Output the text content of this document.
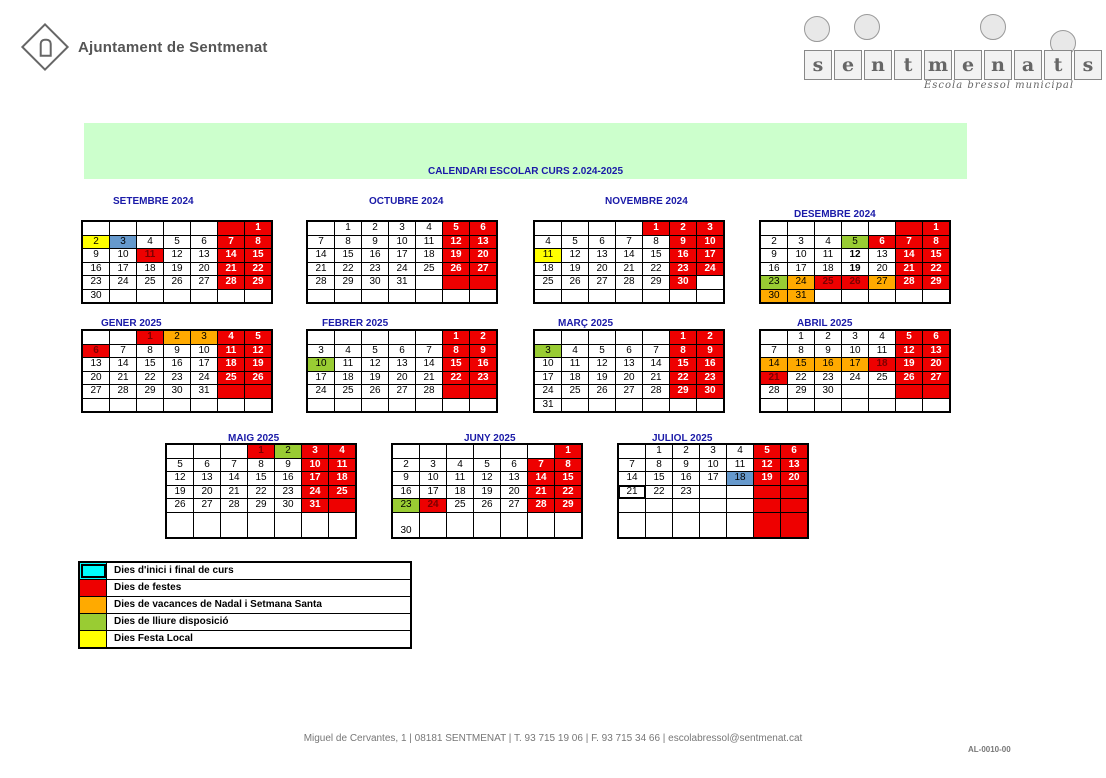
Ajuntament de Sentmenat
s e n t m e n a	t	s
Escola bressol municipal
CALENDARI ESCOLAR CURS 2.024-2025
SETEMBRE 2024
						1
2	3	4	5	6	7	8
9	10	11	12	13	14	15
16	17	18	19	20	21	22
23	24	25	26	27	28	29
30						
OCTUBRE 2024
	1	2	3	4	5	6
7	8	9	10	11	12	13
14	15	16	17	18	19	20
21	22	23	24	25	26	27
28	29	30	31			

NOVEMBRE 2024
				1	2	3
4	5	6	7	8	9	10
11	12	13	14	15	16	17
18	19	20	21	22	23	24
25	26	27	28	29	30	

DESEMBRE 2024
						1
2	3	4	5	6	7	8
9	10	11	12	13	14	15
16	17	18	19	20	21	22
23	24	25	26	27	28	29
30	31					
GENER 2025
		1	2	3	4	5
6	7	8	9	10	11	12
13	14	15	16	17	18	19
20	21	22	23	24	25	26
27	28	29	30	31		

FEBRER 2025
					1	2
3	4	5	6	7	8	9
10	11	12	13	14	15	16
17	18	19	20	21	22	23
24	25	26	27	28		

MARÇ 2025
					1	2
3	4	5	6	7	8	9
10	11	12	13	14	15	16
17	18	19	20	21	22	23
24	25	26	27	28	29	30
31						
ABRIL 2025
	1	2	3	4	5	6
7	8	9	10	11	12	13
14	15	16	17	18	19	20
21	22	23	24	25	26	27
28	29	30				

MAIG 2025
			1	2	3	4
5	6	7	8	9	10	11
12	13	14	15	16	17	18
19	20	21	22	23	24	25
26	27	28	29	30	31	

JUNY 2025
						1
2	3	4	5	6	7	8
9	10	11	12	13	14	15
16	17	18	19	20	21	22
23	24	25	26	27	28	29
30						
JULIOL 2025
	1	2	3	4	5	6
7	8	9	10	11	12	13
14	15	16	17	18	19	20
21	22	23				

Dies d'inici i final de curs
Dies de festes
Dies de vacances de Nadal i Setmana Santa
Dies de lliure disposició
Dies Festa Local
Miguel de Cervantes, 1 | 08181 SENTMENAT | T. 93 715 19 06 | F. 93 715 34 66 | escolabressol@sentmenat.cat
AL-0010-00
